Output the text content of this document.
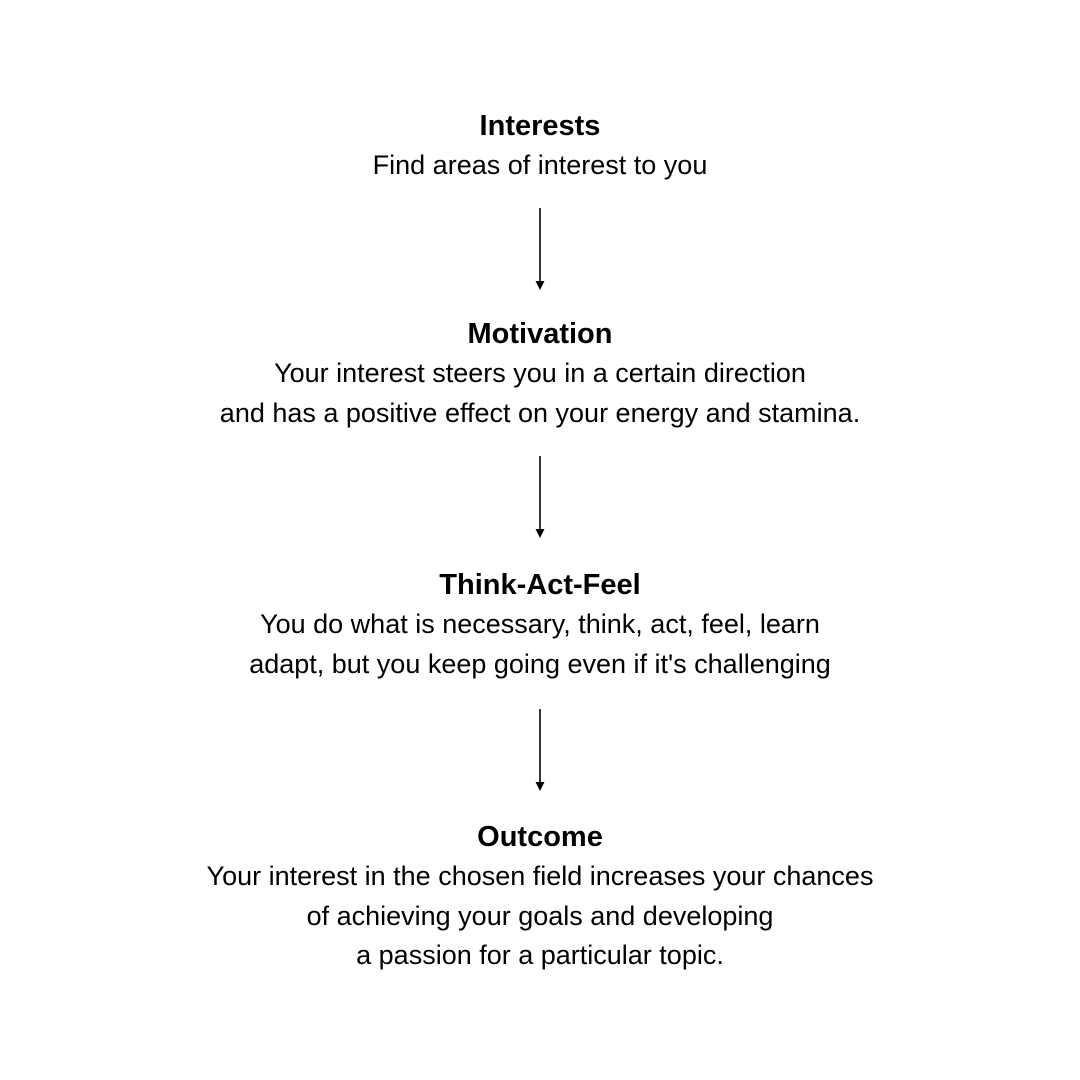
Interests

Find areas of interest to you

Motivation

Your interest steers you in a certain direction

and has a positive effect on your energy and stamina.

Think-Act-Feel

You do what is necessary, think, act, feel, learn

adapt, but you keep going even if it's challenging

Outcome

Your interest in the chosen field increases your chances

of achieving your goals and developing

a passion for a particular topic.
